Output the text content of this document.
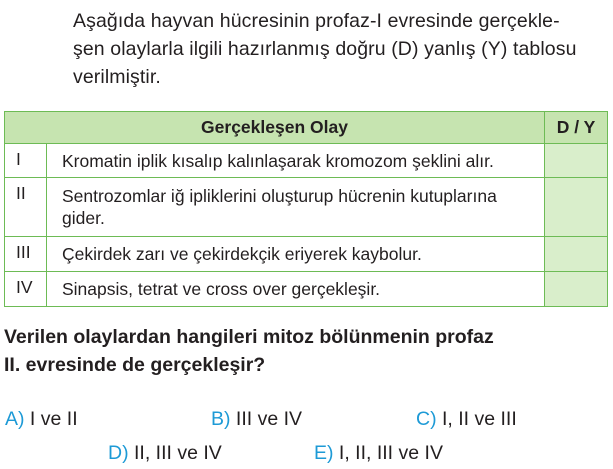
Aşağıda hayvan hücresinin profaz-I evresinde gerçekle-
şen olaylarla ilgili hazırlanmış doğru (D) yanlış (Y) tablosu
verilmiştir.
Gerçekleşen Olay		D / Y
I	Kromatin iplik kısalıp kalınlaşarak kromozom şeklini alır.	
II	Sentrozomlar iğ ipliklerini oluşturup hücrenin kutuplarına gider.	
III	Çekirdek zarı ve çekirdekçik eriyerek kaybolur.	
IV	Sinapsis, tetrat ve cross over gerçekleşir.	
Verilen olaylardan hangileri mitoz bölünmenin profaz
II. evresinde de gerçekleşir?
A) I ve II	B) III ve IV	C) I, II ve III
D) II, III ve IV	E) I, II, III ve IV
